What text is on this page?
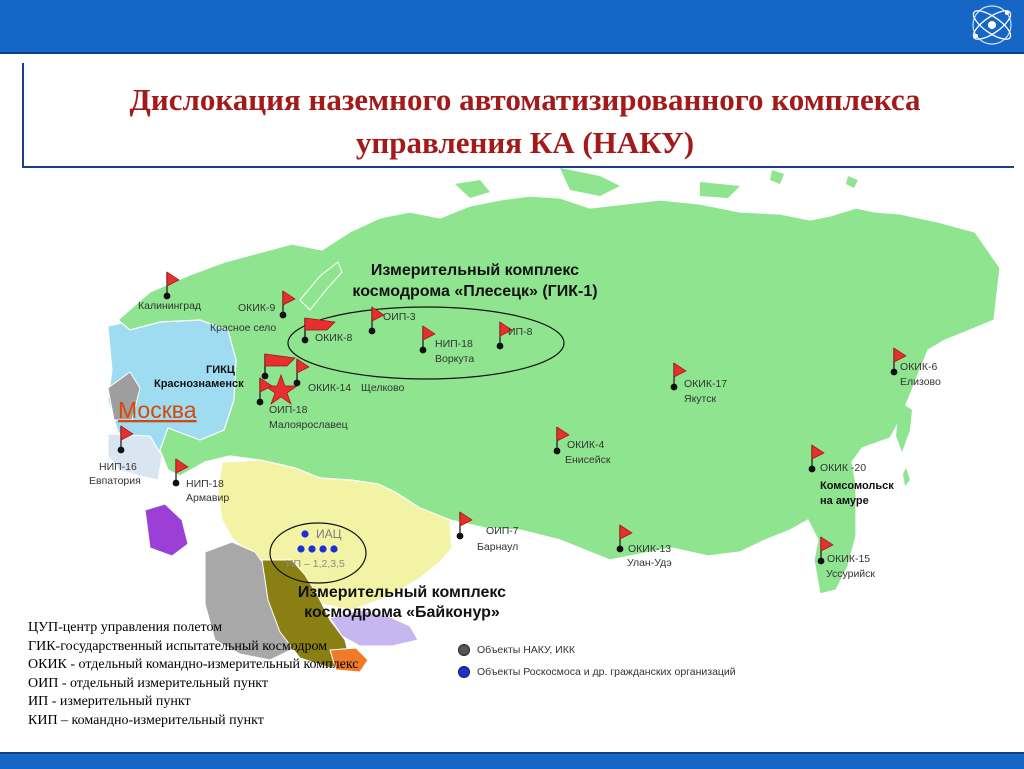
Дислокация наземного автоматизированного комплекса
управления КА (НАКУ)
Измерительный комплекс
космодрома «Плесецк» (ГИК-1)
Измерительный комплекс
космодрома «Байконур»
Москва
ГИКЦ
Краснознаменск
Калининград	ОКИК-9
Красное село
ОКИК-8
ОИП-3
НИП-18
Воркута
ИП-8
ОКИК-14 Щелково
ОИП-18
Малоярославец
НИП-16
Евпатория	НИП-18
Армавир
ОКИК-17
Якутск
ОКИК-6
Елизово
ОКИК-4
Енисейск
ОКИК -20
Комсомольск
на амуре
ОИП-7
Барнаул	ОКИК-13
Улан-Удэ	ОКИК-15
Уссурийск
ИАЦ
ИП – 1,2,3,5
ЦУП-центр управления полетом
ГИК-государственный испытательный космодром
ОКИК - отдельный командно-измерительный комплекс
ОИП - отдельный измерительный пункт
ИП - измерительный пункт
КИП – командно-измерительный пункт
Объекты НАКУ, ИКК
Объекты Роскосмоса и др. гражданских организаций
